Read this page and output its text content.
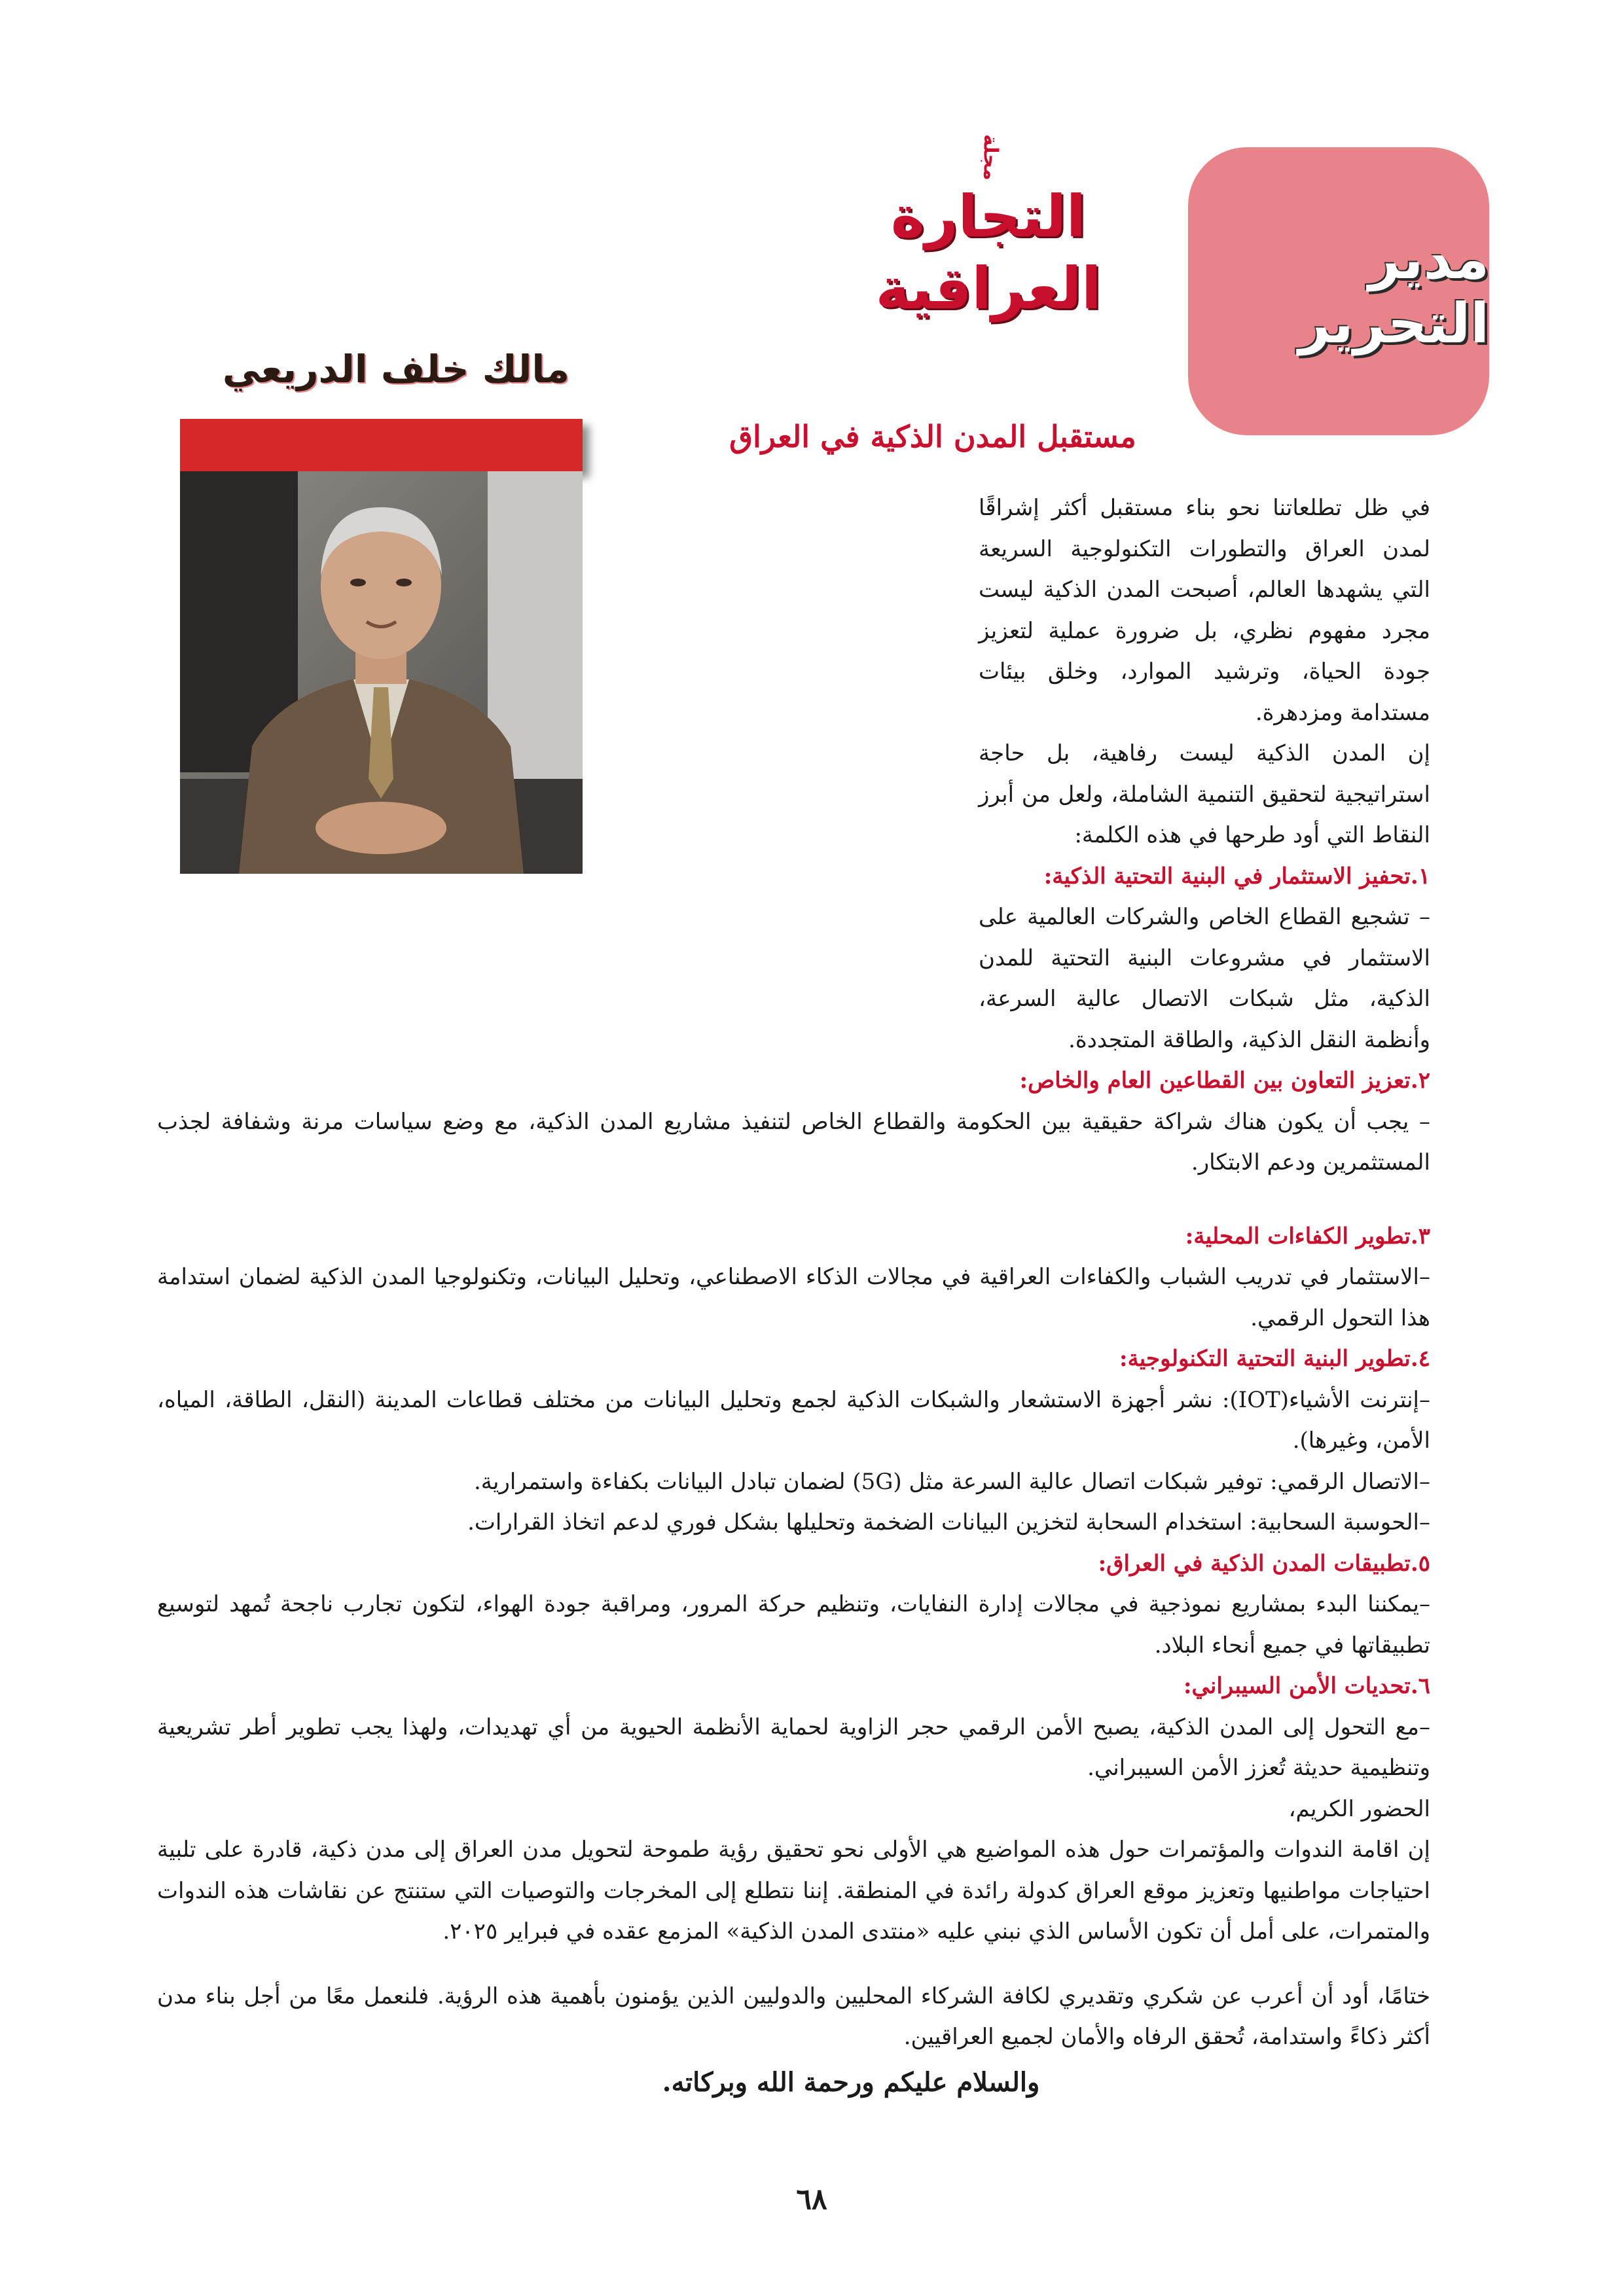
مجلة التجارة العراقية	مدير التحرير
مالك خلف الدريعي
مستقبل المدن الذكية في العراق

في ظل تطلعاتنا نحو بناء مستقبل أكثر إشراقًا لمدن العراق والتطورات التكنولوجية السريعة التي يشهدها العالم، أصبحت المدن الذكية ليست مجرد مفهوم نظري، بل ضرورة عملية لتعزيز جودة الحياة، وترشيد الموارد، وخلق بيئات مستدامة ومزدهرة.

إن المدن الذكية ليست رفاهية، بل حاجة استراتيجية لتحقيق التنمية الشاملة، ولعل من أبرز النقاط التي أود طرحها في هذه الكلمة:

١.تحفيز الاستثمار في البنية التحتية الذكية:

– تشجيع القطاع الخاص والشركات العالمية على الاستثمار في مشروعات البنية التحتية للمدن الذكية، مثل شبكات الاتصال عالية السرعة، وأنظمة النقل الذكية، والطاقة المتجددة.

٢.تعزيز التعاون بين القطاعين العام والخاص:

– يجب أن يكون هناك شراكة حقيقية بين الحكومة والقطاع الخاص لتنفيذ مشاريع المدن الذكية، مع وضع سياسات مرنة وشفافة لجذب المستثمرين ودعم الابتكار.

٣.تطوير الكفاءات المحلية:

–الاستثمار في تدريب الشباب والكفاءات العراقية في مجالات الذكاء الاصطناعي، وتحليل البيانات، وتكنولوجيا المدن الذكية لضمان استدامة هذا التحول الرقمي.

٤.تطوير البنية التحتية التكنولوجية:

–إنترنت الأشياء(IOT): نشر أجهزة الاستشعار والشبكات الذكية لجمع وتحليل البيانات من مختلف قطاعات المدينة (النقل، الطاقة، المياه، الأمن، وغيرها).

–الاتصال الرقمي: توفير شبكات اتصال عالية السرعة مثل (5G) لضمان تبادل البيانات بكفاءة واستمرارية.

–الحوسبة السحابية: استخدام السحابة لتخزين البيانات الضخمة وتحليلها بشكل فوري لدعم اتخاذ القرارات.

٥.تطبيقات المدن الذكية في العراق:

–يمكننا البدء بمشاريع نموذجية في مجالات إدارة النفايات، وتنظيم حركة المرور، ومراقبة جودة الهواء، لتكون تجارب ناجحة تُمهد لتوسيع تطبيقاتها في جميع أنحاء البلاد.

٦.تحديات الأمن السيبراني:

–مع التحول إلى المدن الذكية، يصبح الأمن الرقمي حجر الزاوية لحماية الأنظمة الحيوية من أي تهديدات، ولهذا يجب تطوير أطر تشريعية وتنظيمية حديثة تُعزز الأمن السيبراني.

الحضور الكريم،

إن اقامة الندوات والمؤتمرات حول هذه المواضيع هي الأولى نحو تحقيق رؤية طموحة لتحويل مدن العراق إلى مدن ذكية، قادرة على تلبية احتياجات مواطنيها وتعزيز موقع العراق كدولة رائدة في المنطقة. إننا نتطلع إلى المخرجات والتوصيات التي ستنتج عن نقاشات هذه الندوات والمتمرات، على أمل أن تكون الأساس الذي نبني عليه «منتدى المدن الذكية» المزمع عقده في فبراير ٢٠٢٥.

ختامًا، أود أن أعرب عن شكري وتقديري لكافة الشركاء المحليين والدوليين الذين يؤمنون بأهمية هذه الرؤية. فلنعمل معًا من أجل بناء مدن أكثر ذكاءً واستدامة، تُحقق الرفاه والأمان لجميع العراقيين.

والسلام عليكم ورحمة الله وبركاته.
٦٨
